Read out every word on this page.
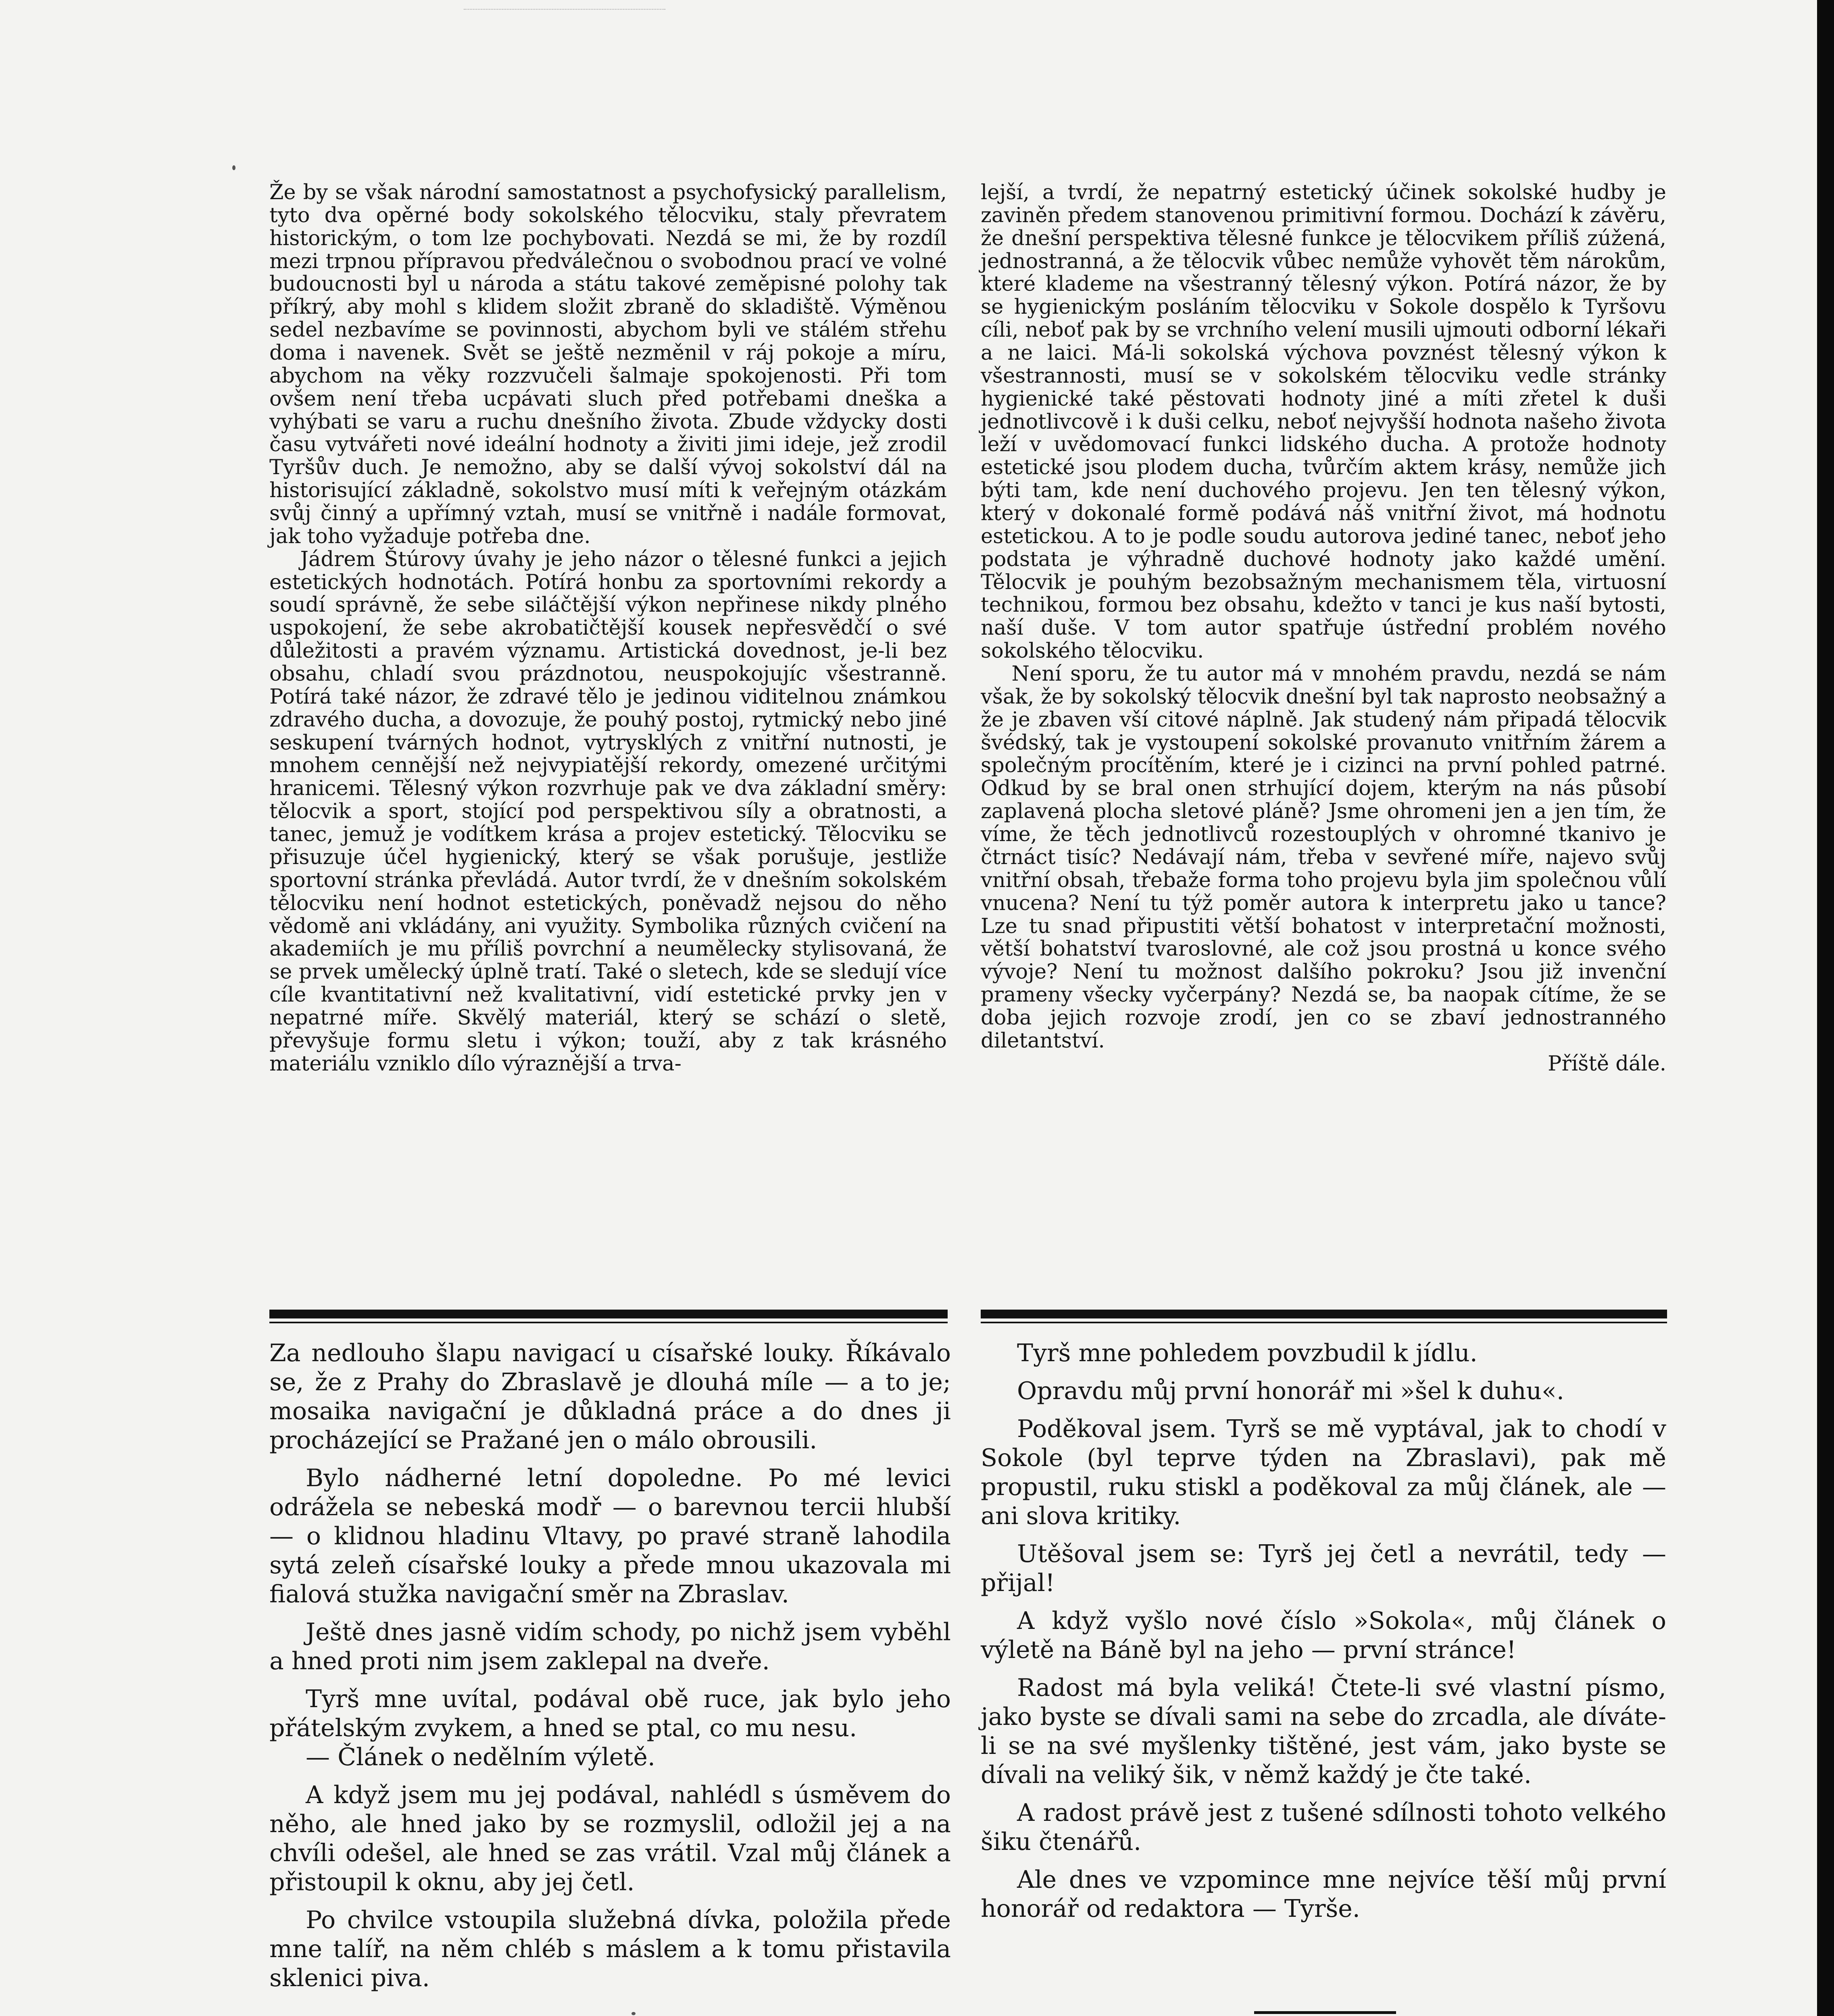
Že by se však národní samostatnost a psychofysický parallelism, tyto dva opěrné body sokolského tělocviku, staly převratem historickým, o tom lze pochybovati. Nezdá se mi, že by rozdíl mezi trpnou přípravou předválečnou o svobodnou prací ve volné budoucnosti byl u národa a státu takové zeměpisné polohy tak příkrý, aby mohl s klidem složit zbraně do skladiště. Výměnou sedel nezbavíme se povinnosti, abychom byli ve stálém střehu doma i navenek. Svět se ještě nezměnil v ráj pokoje a míru, abychom na věky rozzvučeli šalmaje spokojenosti. Při tom ovšem není třeba ucpávati sluch před potřebami dneška a vyhýbati se varu a ruchu dnešního života. Zbude vždycky dosti času vytvářeti nové ideální hodnoty a živiti jimi ideje, jež zrodil Tyršův duch. Je nemožno, aby se další vývoj sokolství dál na historisující základně, sokolstvo musí míti k veřejným otázkám svůj činný a upřímný vztah, musí se vnitřně i nadále formovat, jak toho vyžaduje potřeba dne.

Jádrem Štúrovy úvahy je jeho názor o tělesné funkci a jejich estetických hodnotách. Potírá honbu za sportovními rekordy a soudí správně, že sebe siláčtější výkon nepřinese nikdy plného uspokojení, že sebe akrobatičtější kousek nepřesvědčí o své důležitosti a pravém významu. Artistická dovednost, je-li bez obsahu, chladí svou prázdnotou, neuspokojujíc všestranně. Potírá také názor, že zdravé tělo je jedinou viditelnou známkou zdravého ducha, a dovozuje, že pouhý postoj, rytmický nebo jiné seskupení tvárných hodnot, vytrysklých z vnitřní nutnosti, je mnohem cennější než nejvypiatější rekordy, omezené určitými hranicemi. Tělesný výkon rozvrhuje pak ve dva základní směry: tělocvik a sport, stojící pod perspektivou síly a obratnosti, a tanec, jemuž je vodítkem krása a projev estetický. Tělocviku se přisuzuje účel hygienický, který se však porušuje, jestliže sportovní stránka převládá. Autor tvrdí, že v dnešním sokolském tělocviku není hodnot estetických, poněvadž nejsou do něho vědomě ani vkládány, ani využity. Symbolika různých cvičení na akademiích je mu příliš povrchní a neumělecky stylisovaná, že se prvek umělecký úplně tratí. Také o sletech, kde se sledují více cíle kvantitativní než kvalitativní, vidí estetické prvky jen v nepatrné míře. Skvělý materiál, který se schází o sletě, převyšuje formu sletu i výkon; touží, aby z tak krásného materiálu vzniklo dílo výraznější a trva-

lejší, a tvrdí, že nepatrný estetický účinek sokolské hudby je zaviněn předem stanovenou primitivní formou. Dochází k závěru, že dnešní perspektiva tělesné funkce je tělocvikem příliš zúžená, jednostranná, a že tělocvik vůbec nemůže vyhovět těm nárokům, které klademe na všestranný tělesný výkon. Potírá názor, že by se hygienickým posláním tělocviku v Sokole dospělo k Tyršovu cíli, neboť pak by se vrchního velení musili ujmouti odborní lékaři a ne laici. Má-li sokolská výchova povznést tělesný výkon k všestrannosti, musí se v sokolském tělocviku vedle stránky hygienické také pěstovati hodnoty jiné a míti zřetel k duši jednotlivcově i k duši celku, neboť nejvyšší hodnota našeho života leží v uvědomovací funkci lidského ducha. A protože hodnoty estetické jsou plodem ducha, tvůrčím aktem krásy, nemůže jich býti tam, kde není duchového projevu. Jen ten tělesný výkon, který v dokonalé formě podává náš vnitřní život, má hodnotu estetickou. A to je podle soudu autorova jediné tanec, neboť jeho podstata je výhradně duchové hodnoty jako každé umění. Tělocvik je pouhým bezobsažným mechanismem těla, virtuosní technikou, formou bez obsahu, kdežto v tanci je kus naší bytosti, naší duše. V tom autor spatřuje ústřední problém nového sokolského tělocviku.

Není sporu, že tu autor má v mnohém pravdu, nezdá se nám však, že by sokolský tělocvik dnešní byl tak naprosto neobsažný a že je zbaven vší citové náplně. Jak studený nám připadá tělocvik švédský, tak je vystoupení sokolské provanuto vnitřním žárem a společným procítěním, které je i cizinci na první pohled patrné. Odkud by se bral onen strhující dojem, kterým na nás působí zaplavená plocha sletové pláně? Jsme ohromeni jen a jen tím, že víme, že těch jednotlivců rozestouplých v ohromné tkanivo je čtrnáct tisíc? Nedávají nám, třeba v sevřené míře, najevo svůj vnitřní obsah, třebaže forma toho projevu byla jim společnou vůlí vnucena? Není tu týž poměr autora k interpretu jako u tance? Lze tu snad připustiti větší bohatost v interpretační možnosti, větší bohatství tvaroslovné, ale což jsou prostná u konce svého vývoje? Není tu možnost dalšího pokroku? Jsou již invenční prameny všecky vyčerpány? Nezdá se, ba naopak cítíme, že se doba jejich rozvoje zrodí, jen co se zbaví jednostranného diletantství.
Příště dále.

Za nedlouho šlapu navigací u císařské louky. Říkávalo se, že z Prahy do Zbraslavě je dlouhá míle — a to je; mosaika navigační je důkladná práce a do dnes ji procházející se Pražané jen o málo obrousili.

Bylo nádherné letní dopoledne. Po mé levici odrážela se nebeská modř — o barevnou tercii hlubší — o klidnou hladinu Vltavy, po pravé straně lahodila sytá zeleň císařské louky a přede mnou ukazovala mi fialová stužka navigační směr na Zbraslav.

Ještě dnes jasně vidím schody, po nichž jsem vyběhl a hned proti nim jsem zaklepal na dveře.

Tyrš mne uvítal, podával obě ruce, jak bylo jeho přátelským zvykem, a hned se ptal, co mu nesu.

— Článek o nedělním výletě.

A když jsem mu jej podával, nahlédl s úsměvem do něho, ale hned jako by se rozmyslil, odložil jej a na chvíli odešel, ale hned se zas vrátil. Vzal můj článek a přistoupil k oknu, aby jej četl.

Po chvilce vstoupila služebná dívka, položila přede mne talíř, na něm chléb s máslem a k tomu přistavila sklenici piva.

Tyrš mne pohledem povzbudil k jídlu.

Opravdu můj první honorář mi »šel k duhu«.

Poděkoval jsem. Tyrš se mě vyptával, jak to chodí v Sokole (byl teprve týden na Zbraslavi), pak mě propustil, ruku stiskl a poděkoval za můj článek, ale — ani slova kritiky.

Utěšoval jsem se: Tyrš jej četl a nevrátil, tedy — přijal!

A když vyšlo nové číslo »Sokola«, můj článek o výletě na Báně byl na jeho — první stránce!

Radost má byla veliká! Čtete-li své vlastní písmo, jako byste se dívali sami na sebe do zrcadla, ale díváte-li se na své myšlenky tištěné, jest vám, jako byste se dívali na veliký šik, v němž každý je čte také.

A radost právě jest z tušené sdílnosti tohoto velkého šiku čtenářů.

Ale dnes ve vzpomince mne nejvíce těší můj první honorář od redaktora — Tyrše.
